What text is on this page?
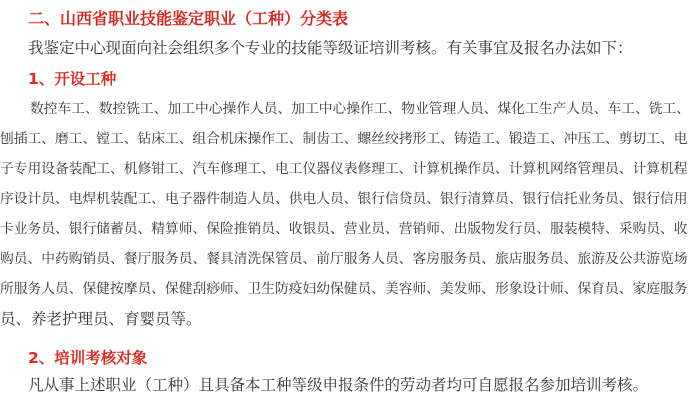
二、山西省职业技能鉴定职业（工种）分类表

我鉴定中心现面向社会组织多个专业的技能等级证培训考核。有关事宜及报名办法如下：

1、开设工种

数控车工、数控铣工、加工中心操作人员、加工中心操作工、物业管理人员、煤化工生产人员、车工、铣工、
刨插工、磨工、镗工、钻床工、组合机床操作工、制齿工、螺丝绞拷形工、铸造工、锻造工、冲压工、剪切工、电
子专用设备装配工、机修钳工、汽车修理工、电工仪器仪表修理工、计算机操作员、计算机网络管理员、计算机程
序设计员、电焊机装配工、电子器件制造人员、供电人员、银行信贷员、银行清算员、银行信托业务员、银行信用
卡业务员、银行储蓄员、精算师、保险推销员、收银员、营业员、营销师、出版物发行员、服装模特、采购员、收
购员、中药购销员、餐厅服务员、餐具清洗保管员、前厅服务人员、客房服务员、旅店服务员、旅游及公共游览场
所服务人员、保健按摩员、保健刮痧师、卫生防疫妇幼保健员、美容师、美发师、形象设计师、保育员、家庭服务
员、养老护理员、育婴员等。

2、培训考核对象

凡从事上述职业（工种）且具备本工种等级申报条件的劳动者均可自愿报名参加培训考核。
